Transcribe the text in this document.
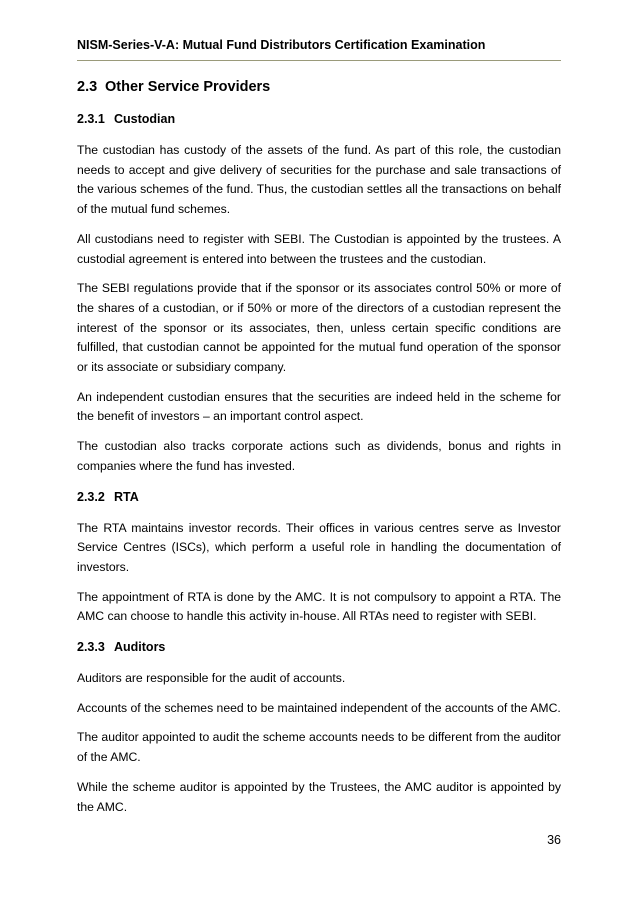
NISM-Series-V-A: Mutual Fund Distributors Certification Examination
2.3 Other Service Providers
2.3.1 Custodian

The custodian has custody of the assets of the fund. As part of this role, the custodian needs to accept and give delivery of securities for the purchase and sale transactions of the various schemes of the fund. Thus, the custodian settles all the transactions on behalf of the mutual fund schemes.

All custodians need to register with SEBI. The Custodian is appointed by the trustees. A custodial agreement is entered into between the trustees and the custodian.

The SEBI regulations provide that if the sponsor or its associates control 50% or more of the shares of a custodian, or if 50% or more of the directors of a custodian represent the interest of the sponsor or its associates, then, unless certain specific conditions are fulfilled, that custodian cannot be appointed for the mutual fund operation of the sponsor or its associate or subsidiary company.

An independent custodian ensures that the securities are indeed held in the scheme for the benefit of investors – an important control aspect.

The custodian also tracks corporate actions such as dividends, bonus and rights in companies where the fund has invested.

2.3.2 RTA

The RTA maintains investor records. Their offices in various centres serve as Investor Service Centres (ISCs), which perform a useful role in handling the documentation of investors.

The appointment of RTA is done by the AMC. It is not compulsory to appoint a RTA. The AMC can choose to handle this activity in-house. All RTAs need to register with SEBI.

2.3.3 Auditors

Auditors are responsible for the audit of accounts.

Accounts of the schemes need to be maintained independent of the accounts of the AMC.

The auditor appointed to audit the scheme accounts needs to be different from the auditor of the AMC.

While the scheme auditor is appointed by the Trustees, the AMC auditor is appointed by the AMC.

36
